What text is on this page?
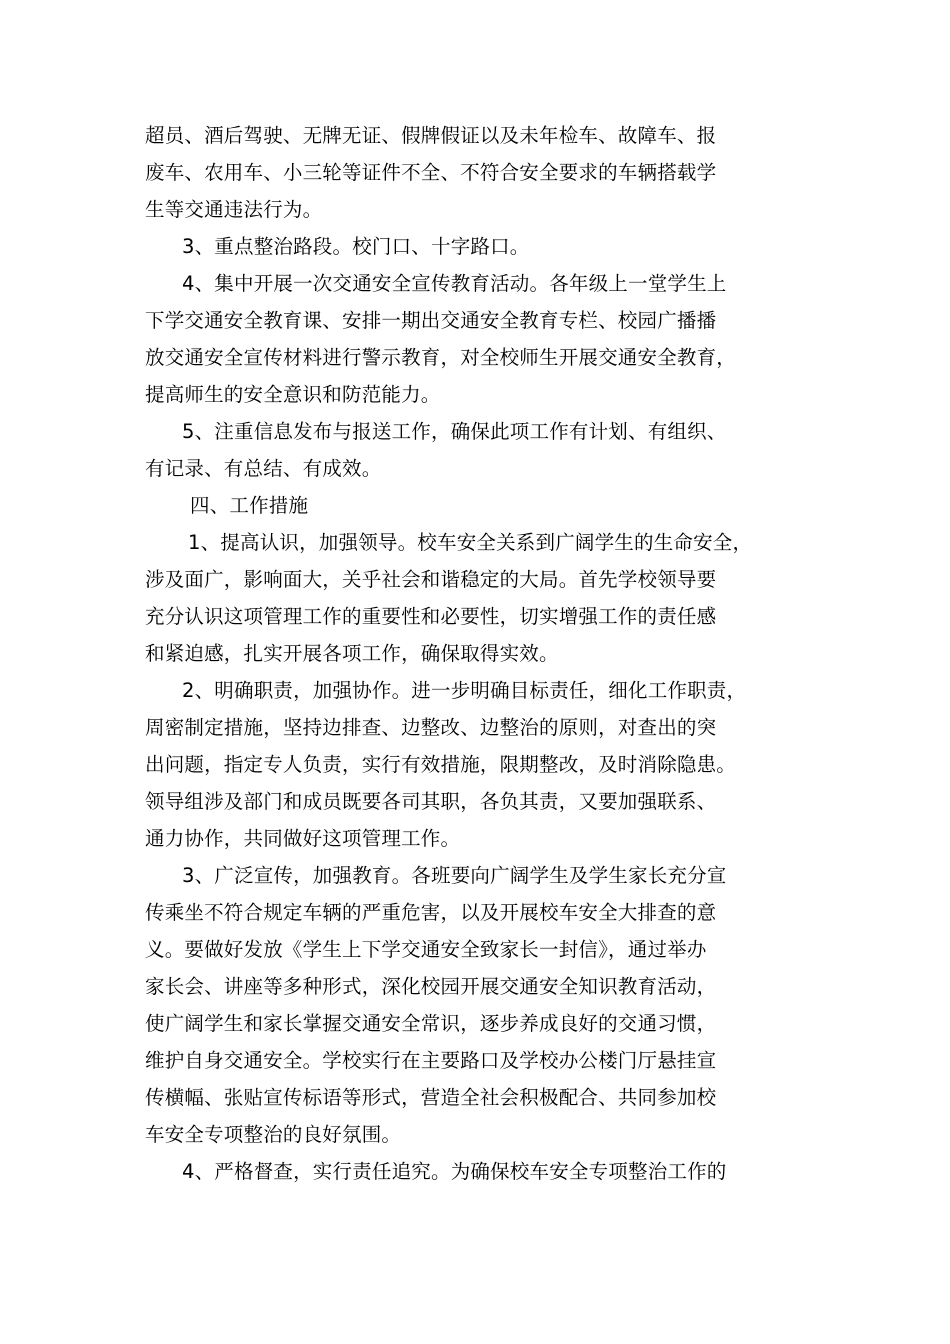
超员、酒后驾驶、无牌无证、假牌假证以及未年检车、故障车、报
废车、农用车、小三轮等证件不全、不符合安全要求的车辆搭载学
生等交通违法行为。
3、重点整治路段。校门口、十字路口。
4、集中开展一次交通安全宣传教育活动。各年级上一堂学生上
下学交通安全教育课、安排一期出交通安全教育专栏、校园广播播
放交通安全宣传材料进行警示教育，对全校师生开展交通安全教育，
提高师生的安全意识和防范能力。
5、注重信息发布与报送工作，确保此项工作有计划、有组织、
有记录、有总结、有成效。
四、工作措施
1、提高认识，加强领导。校车安全关系到广阔学生的生命安全，
涉及面广，影响面大，关乎社会和谐稳定的大局。首先学校领导要
充分认识这项管理工作的重要性和必要性，切实增强工作的责任感
和紧迫感，扎实开展各项工作，确保取得实效。
2、明确职责，加强协作。进一步明确目标责任，细化工作职责，
周密制定措施，坚持边排查、边整改、边整治的原则，对查出的突
出问题，指定专人负责，实行有效措施，限期整改，及时消除隐患。
领导组涉及部门和成员既要各司其职，各负其责，又要加强联系、
通力协作，共同做好这项管理工作。
3、广泛宣传，加强教育。各班要向广阔学生及学生家长充分宣
传乘坐不符合规定车辆的严重危害，以及开展校车安全大排查的意
义。要做好发放《学生上下学交通安全致家长一封信》，通过举办
家长会、讲座等多种形式，深化校园开展交通安全知识教育活动，
使广阔学生和家长掌握交通安全常识，逐步养成良好的交通习惯，
维护自身交通安全。学校实行在主要路口及学校办公楼门厅悬挂宣
传横幅、张贴宣传标语等形式，营造全社会积极配合、共同参加校
车安全专项整治的良好氛围。
4、严格督查，实行责任追究。为确保校车安全专项整治工作的
